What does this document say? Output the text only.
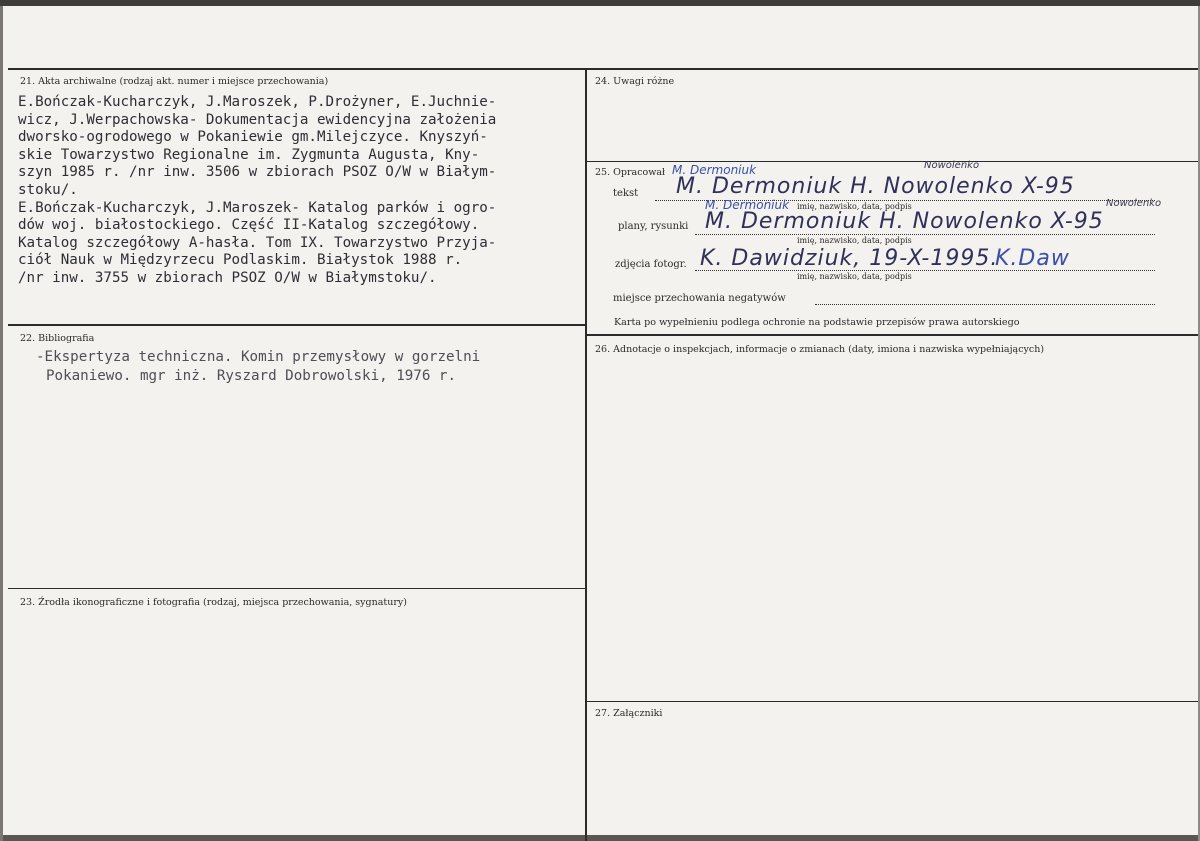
21. Akta archiwalne (rodzaj akt. numer i miejsce przechowania)
E.Bończak-Kucharczyk, J.Maroszek, P.Drożyner, E.Juchnie-
wicz, J.Werpachowska- Dokumentacja ewidencyjna założenia
dworsko-ogrodowego w Pokaniewie gm.Milejczyce. Knyszyń-
skie Towarzystwo Regionalne im. Zygmunta Augusta, Kny-
szyn 1985 r. /nr inw. 3506 w zbiorach PSOZ O/W w Białym-
stoku/.
E.Bończak-Kucharczyk, J.Maroszek- Katalog parków i ogro-
dów woj. białostockiego. Część II-Katalog szczegółowy.
Katalog szczegółowy A-hasła. Tom IX. Towarzystwo Przyja-
ciół Nauk w Międzyrzecu Podlaskim. Białystok 1988 r.
/nr inw. 3755 w zbiorach PSOZ O/W w Białymstoku/.
22. Bibliografia
-Ekspertyza techniczna. Komin przemysłowy w gorzelni
Pokaniewo. mgr inż. Ryszard Dobrowolski, 1976 r.
23. Źrodła ikonograficzne i fotografia (rodzaj, miejsca przechowania, sygnatury)
24. Uwagi różne
25. Opracował
tekst
M. Dermoniuk	Nowolenko
M. Dermoniuk H. Nowolenko X-95
imię, nazwisko, data, podpis
plany, rysunki
M. Dermoniuk	Nowolenko
M. Dermoniuk H. Nowolenko X-95
imię, nazwisko, data, podpis
zdjęcia fotogr. K. Dawidziuk, 19-X-1995.
K.Daw
imię, nazwisko, data, podpis
miejsce przechowania negatywów
Karta po wypełnieniu podlega ochronie na podstawie przepisów prawa autorskiego
26. Adnotacje o inspekcjach, informacje o zmianach (daty, imiona i nazwiska wypełniających)
27. Załączniki
